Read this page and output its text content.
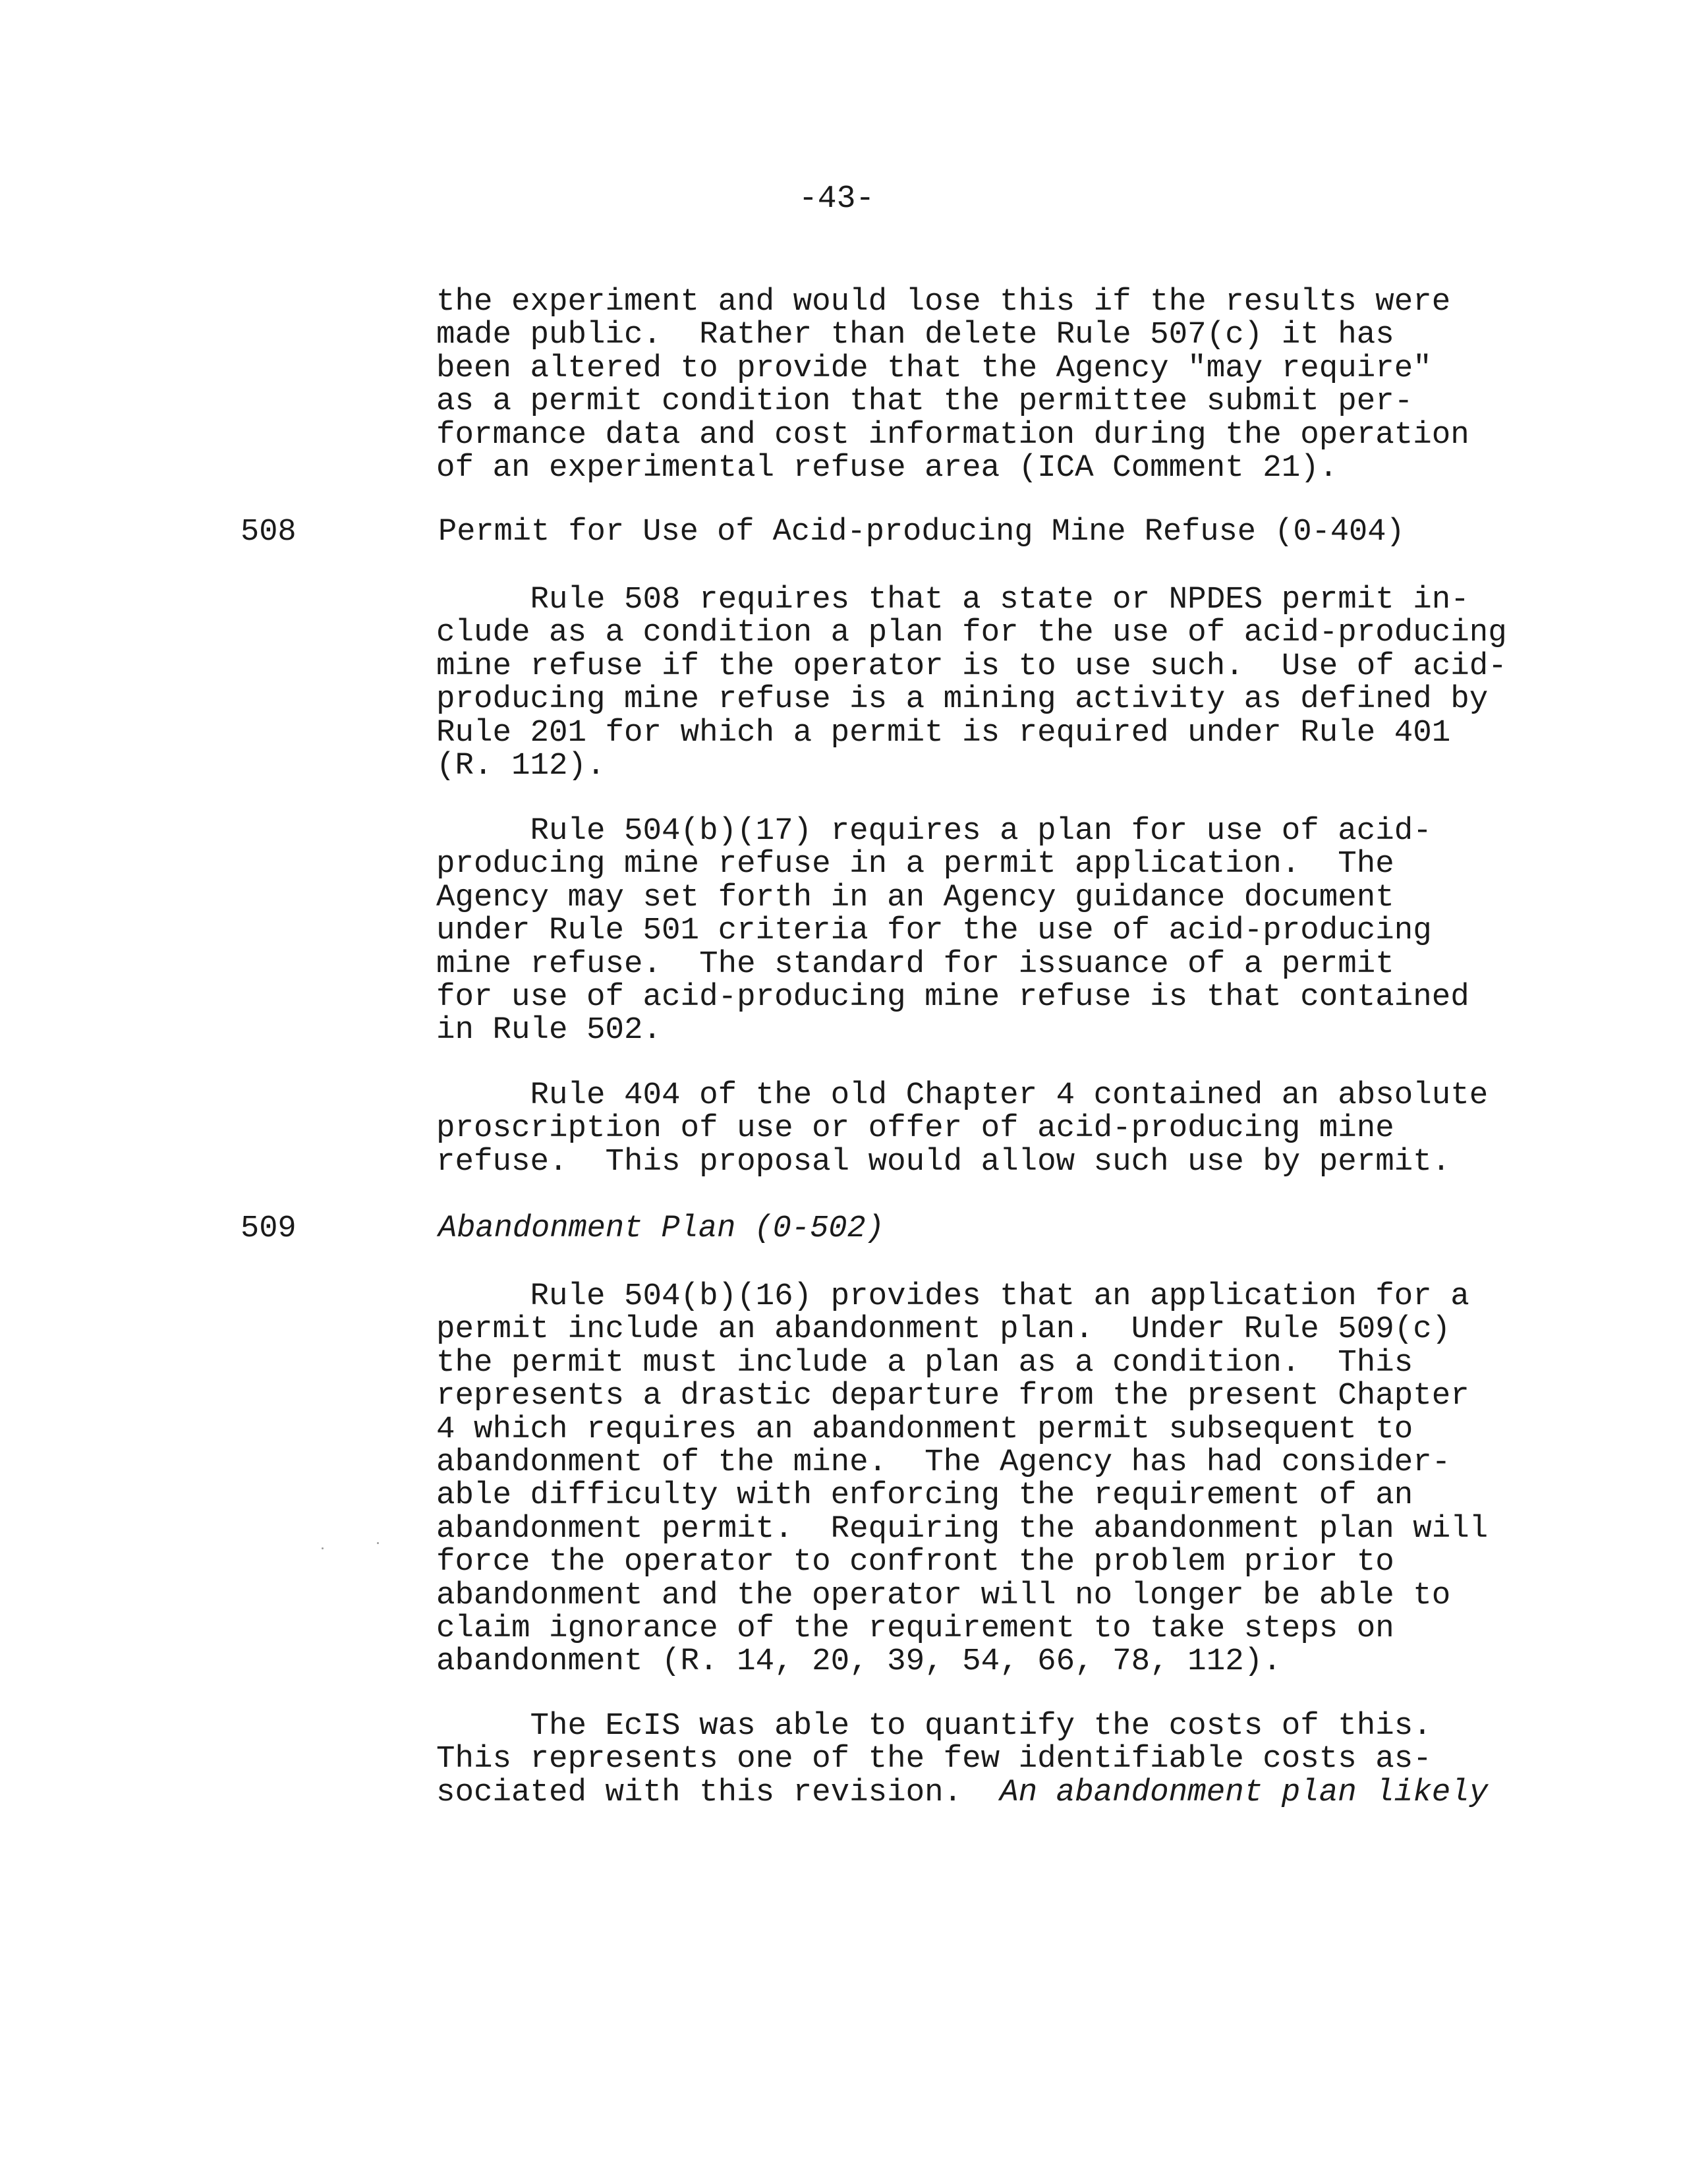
-43-
the experiment and would lose this if the results were
made public.  Rather than delete Rule 507(c) it has
been altered to provide that the Agency "may require"
as a permit condition that the permittee submit per-
formance data and cost information during the operation
of an experimental refuse area (ICA Comment 21).
508	Permit for Use of Acid-producing Mine Refuse (0-404)
Rule 508 requires that a state or NPDES permit in-
clude as a condition a plan for the use of acid-producing
mine refuse if the operator is to use such.  Use of acid-
producing mine refuse is a mining activity as defined by
Rule 201 for which a permit is required under Rule 401
(R. 112).
Rule 504(b)(17) requires a plan for use of acid-
producing mine refuse in a permit application.  The
Agency may set forth in an Agency guidance document
under Rule 501 criteria for the use of acid-producing
mine refuse.  The standard for issuance of a permit
for use of acid-producing mine refuse is that contained
in Rule 502.
Rule 404 of the old Chapter 4 contained an absolute
proscription of use or offer of acid-producing mine
refuse.  This proposal would allow such use by permit.
509	Abandonment Plan (0-502)
Rule 504(b)(16) provides that an application for a
permit include an abandonment plan.  Under Rule 509(c)
the permit must include a plan as a condition.  This
represents a drastic departure from the present Chapter
4 which requires an abandonment permit subsequent to
abandonment of the mine.  The Agency has had consider-
able difficulty with enforcing the requirement of an
abandonment permit.  Requiring the abandonment plan will
force the operator to confront the problem prior to
abandonment and the operator will no longer be able to
claim ignorance of the requirement to take steps on
abandonment (R. 14, 20, 39, 54, 66, 78, 112).
The EcIS was able to quantify the costs of this.
This represents one of the few identifiable costs as-
sociated with this revision.  An abandonment plan likely
